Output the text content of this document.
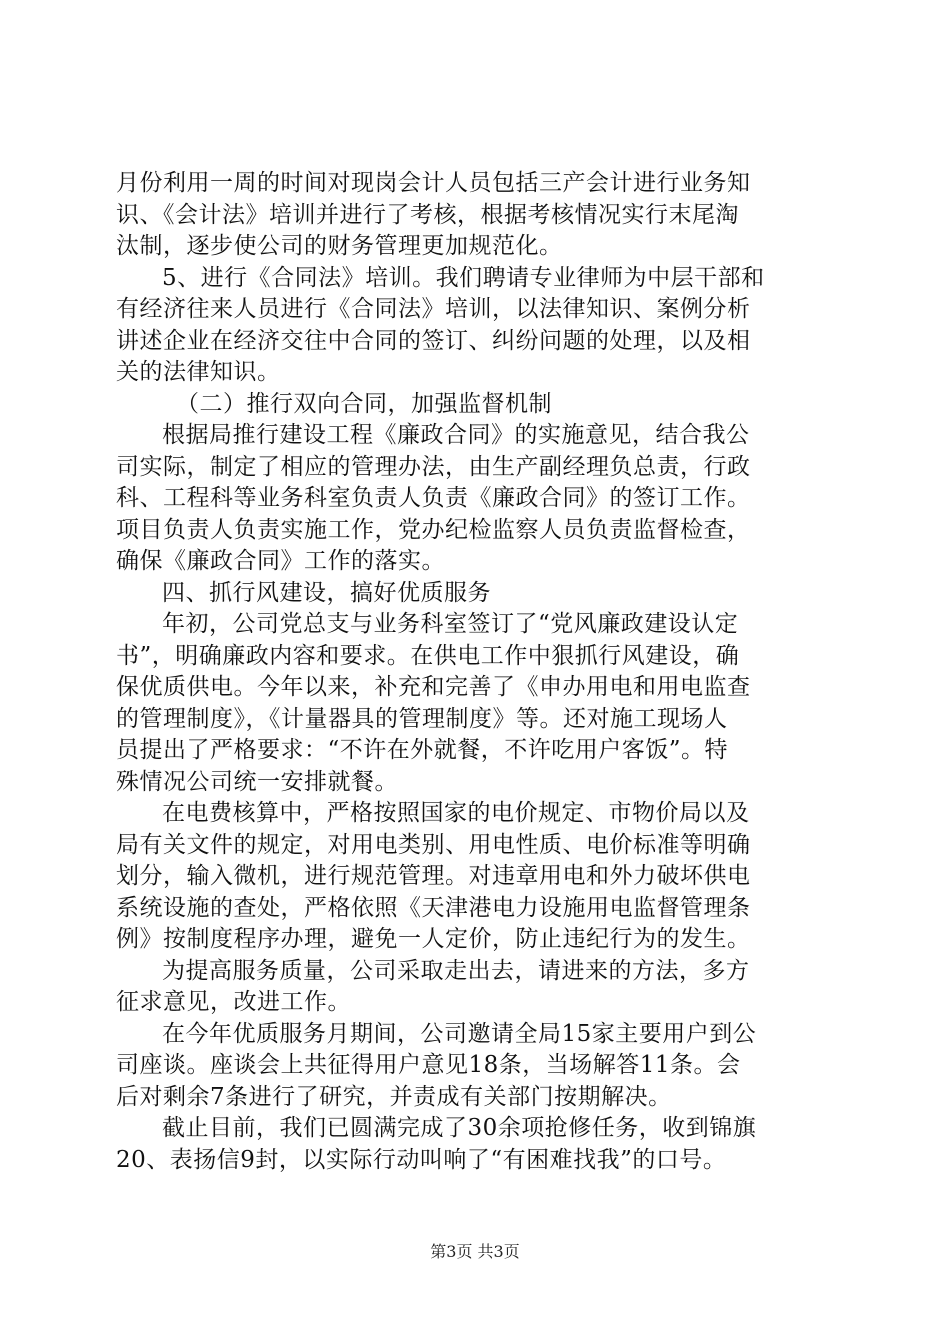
月份利用一周的时间对现岗会计人员包括三产会计进行业务知
识、《会计法》培训并进行了考核，根据考核情况实行末尾淘
汰制，逐步使公司的财务管理更加规范化。
5、进行《合同法》培训。我们聘请专业律师为中层干部和
有经济往来人员进行《合同法》培训，以法律知识、案例分析
讲述企业在经济交往中合同的签订、纠纷问题的处理，以及相
关的法律知识。
（二）推行双向合同，加强监督机制
根据局推行建设工程《廉政合同》的实施意见，结合我公
司实际，制定了相应的管理办法，由生产副经理负总责，行政
科、工程科等业务科室负责人负责《廉政合同》的签订工作。
项目负责人负责实施工作，党办纪检监察人员负责监督检查，
确保《廉政合同》工作的落实。
四、抓行风建设，搞好优质服务
年初，公司党总支与业务科室签订了“党风廉政建设认定
书”，明确廉政内容和要求。在供电工作中狠抓行风建设，确
保优质供电。今年以来，补充和完善了《申办用电和用电监查
的管理制度》，《计量器具的管理制度》等。还对施工现场人
员提出了严格要求：“不许在外就餐，不许吃用户客饭”。特
殊情况公司统一安排就餐。
在电费核算中，严格按照国家的电价规定、市物价局以及
局有关文件的规定，对用电类别、用电性质、电价标准等明确
划分，输入微机，进行规范管理。对违章用电和外力破坏供电
系统设施的查处，严格依照《天津港电力设施用电监督管理条
例》按制度程序办理，避免一人定价，防止违纪行为的发生。
为提高服务质量，公司采取走出去，请进来的方法，多方
征求意见，改进工作。
在今年优质服务月期间，公司邀请全局15家主要用户到公
司座谈。座谈会上共征得用户意见18条，当场解答11条。会
后对剩余7条进行了研究，并责成有关部门按期解决。
截止目前，我们已圆满完成了30余项抢修任务，收到锦旗
20、表扬信9封，以实际行动叫响了“有困难找我”的口号。
第3页 共3页
